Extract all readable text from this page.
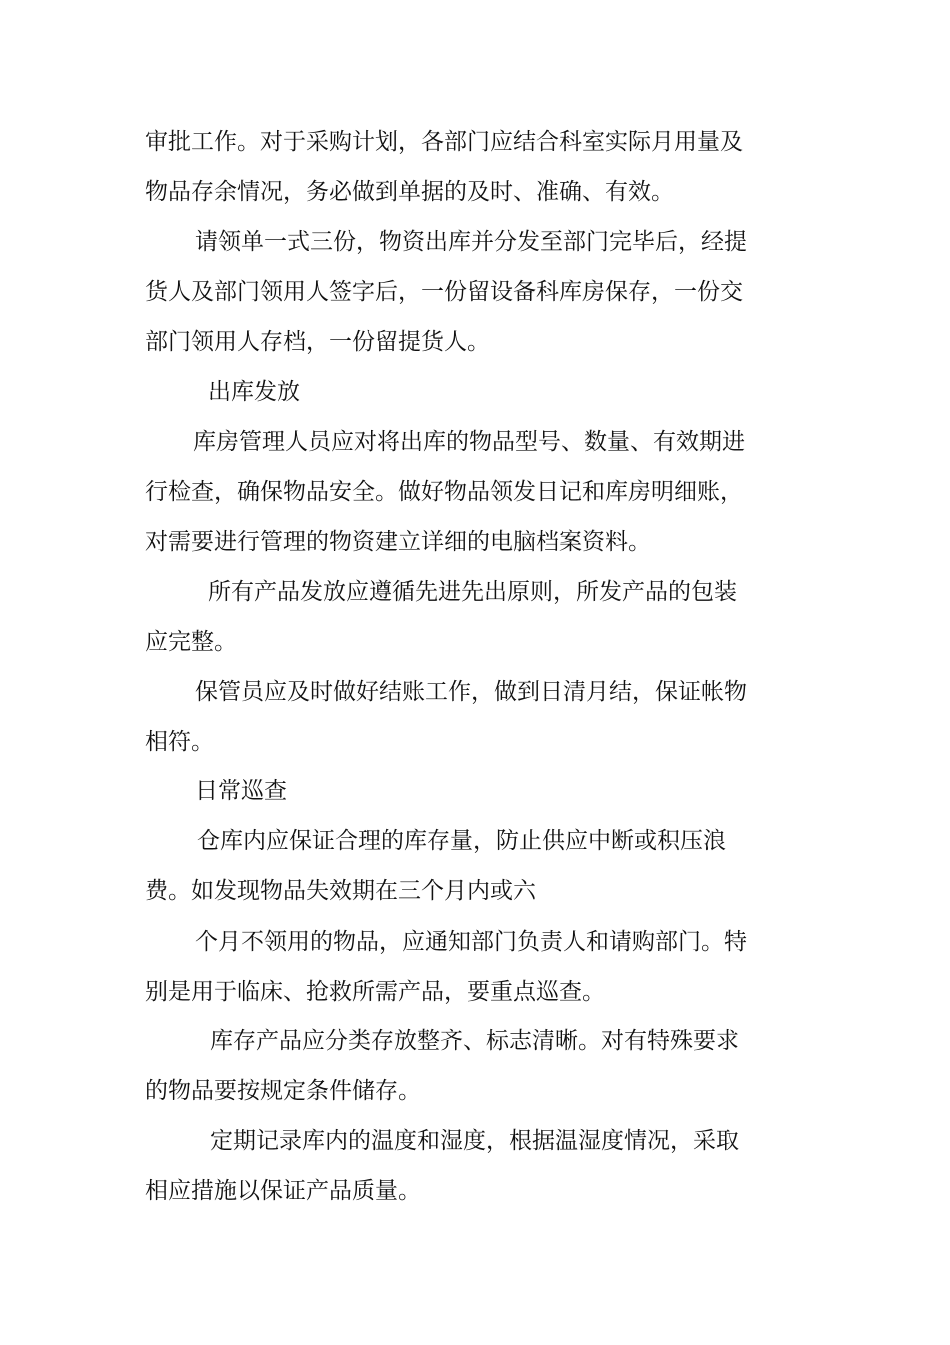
审批工作。对于采购计划，各部门应结合科室实际月用量及

物品存余情况，务必做到单据的及时、准确、有效。

请领单一式三份，物资出库并分发至部门完毕后，经提

货人及部门领用人签字后，一份留设备科库房保存，一份交

部门领用人存档，一份留提货人。

出库发放

库房管理人员应对将出库的物品型号、数量、有效期进

行检查，确保物品安全。做好物品领发日记和库房明细账，

对需要进行管理的物资建立详细的电脑档案资料。

所有产品发放应遵循先进先出原则，所发产品的包装

应完整。

保管员应及时做好结账工作，做到日清月结，保证帐物

相符。

日常巡查

仓库内应保证合理的库存量，防止供应中断或积压浪

费。如发现物品失效期在三个月内或六

个月不领用的物品，应通知部门负责人和请购部门。特

别是用于临床、抢救所需产品，要重点巡查。

库存产品应分类存放整齐、标志清晰。对有特殊要求

的物品要按规定条件储存。

定期记录库内的温度和湿度，根据温湿度情况，采取

相应措施以保证产品质量。
